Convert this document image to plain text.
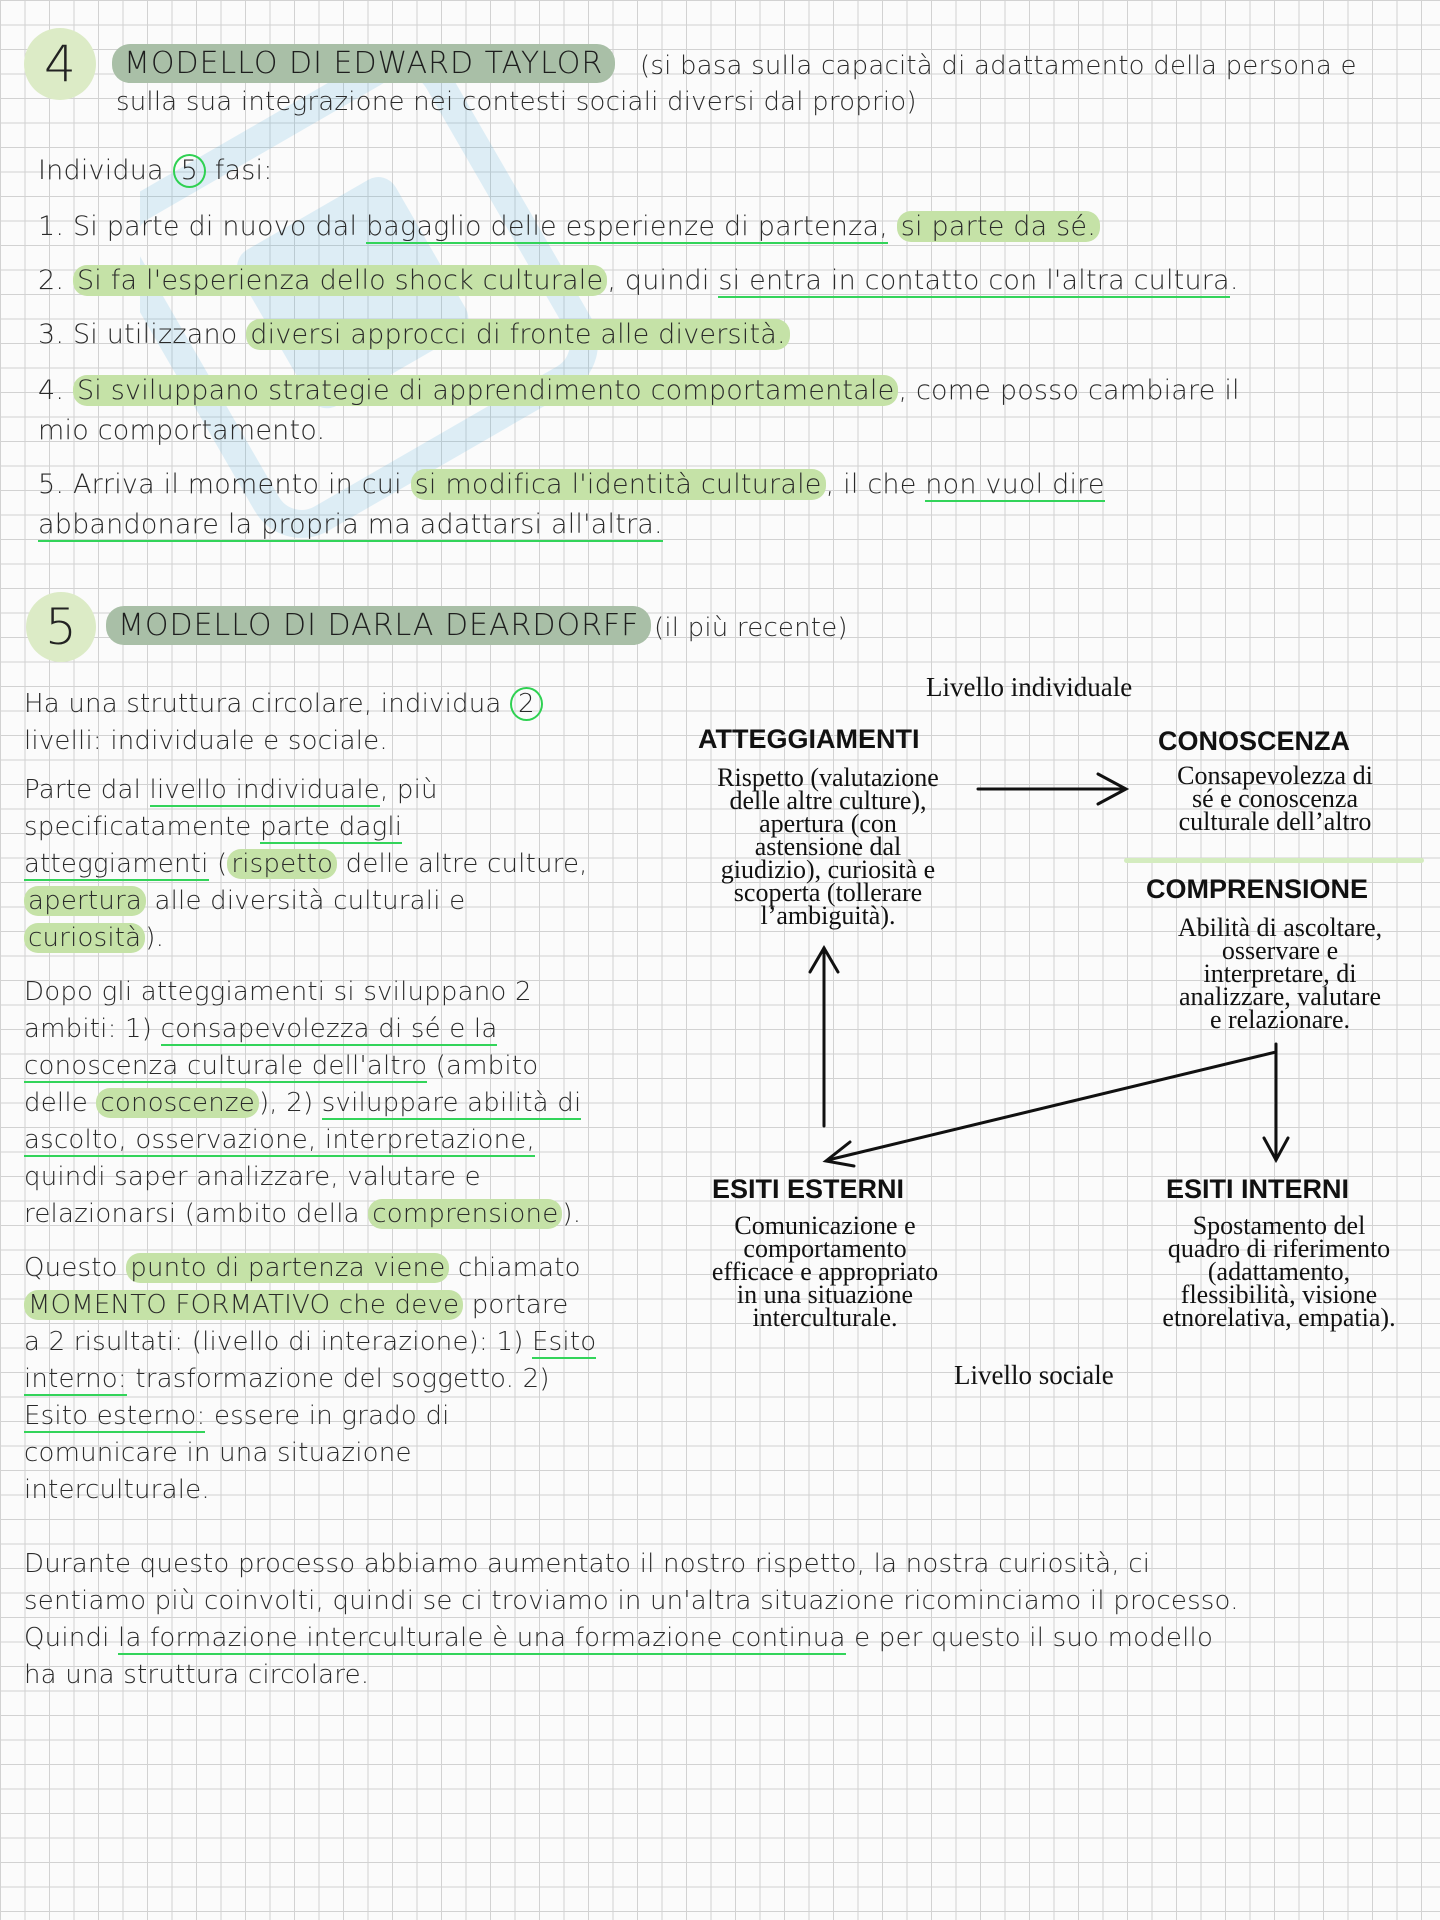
4	MODELLO DI EDWARD TAYLOR	(si basa sulla capacità di adattamento della persona e
sulla sua integrazione nei contesti sociali diversi dal proprio)
Individua 5 fasi:
1. Si parte di nuovo dal bagaglio delle esperienze di partenza, si parte da sé.
2. Si fa l'esperienza dello shock culturale , quindi si entra in contatto con l'altra cultura.
3. Si utilizzano diversi approcci di fronte alle diversità.
4. Si sviluppano strategie di apprendimento comportamentale , come posso cambiare il
mio comportamento.
5. Arriva il momento in cui si modifica l'identità culturale , il che non vuol dire
abbandonare la propria ma adattarsi all'altra.
5	MODELLO DI DARLA DEARDORFF (il più recente)
Ha una struttura circolare, individua 2
livelli: individuale e sociale.
Parte dal livello individuale, più
specificatamente parte dagli
atteggiamenti ( rispetto delle altre culture,
apertura alle diversità culturali e
curiosità ).
Dopo gli atteggiamenti si sviluppano 2
ambiti: 1) consapevolezza di sé e la
conoscenza culturale dell'altro (ambito
delle conoscenze ), 2) sviluppare abilità di
ascolto, osservazione, interpretazione,
quindi saper analizzare, valutare e
relazionarsi (ambito della comprensione ).
Questo punto di partenza viene chiamato
MOMENTO FORMATIVO che deve portare
a 2 risultati: (livello di interazione): 1) Esito
interno: trasformazione del soggetto. 2)
Esito esterno: essere in grado di
comunicare in una situazione
interculturale.
Livello individuale
ATTEGGIAMENTI
Rispetto (valutazione
delle altre culture),
apertura (con
astensione dal
giudizio), curiosità e
scoperta (tollerare
l’ambiguità).
CONOSCENZA
Consapevolezza di
sé e conoscenza
culturale dell’altro
COMPRENSIONE
Abilità di ascoltare,
osservare e
interpretare, di
analizzare, valutare
e relazionare.
ESITI ESTERNI
Comunicazione e
comportamento
efficace e appropriato
in una situazione
interculturale.
ESITI INTERNI
Spostamento del
quadro di riferimento
(adattamento,
flessibilità, visione
etnorelativa, empatia).
Livello sociale
Durante questo processo abbiamo aumentato il nostro rispetto, la nostra curiosità, ci
sentiamo più coinvolti, quindi se ci troviamo in un'altra situazione ricominciamo il processo.
Quindi la formazione interculturale è una formazione continua e per questo il suo modello
ha una struttura circolare.
